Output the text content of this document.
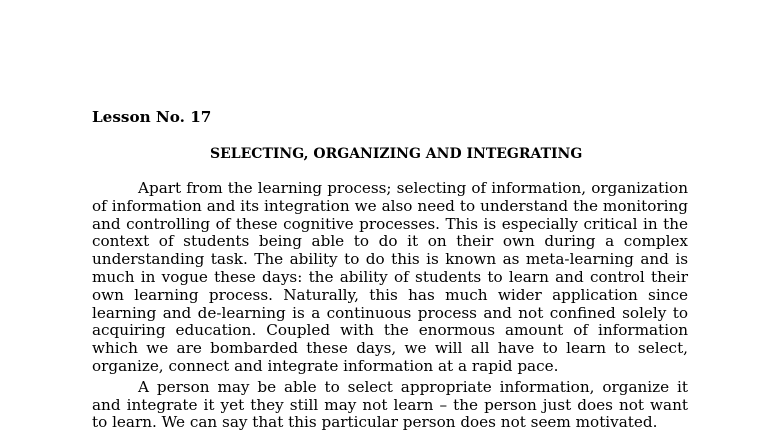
Lesson No. 17
SELECTING, ORGANIZING AND INTEGRATING

Apart from the learning process; selecting of information, organization of information and its integration we also need to understand the monitoring and controlling of these cognitive processes. This is especially critical in the context of students being able to do it on their own during a complex understanding task. The ability to do this is known as meta-learning and is much in vogue these days: the ability of students to learn and control their own learning process. Naturally, this has much wider application since learning and de-learning is a continuous process and not confined solely to acquiring education. Coupled with the enormous amount of information which we are bombarded these days, we will all have to learn to select, organize, connect and integrate information at a rapid pace.

A person may be able to select appropriate information, organize it and integrate it yet they still may not learn – the person just does not want to learn. We can say that this particular person does not seem motivated.
